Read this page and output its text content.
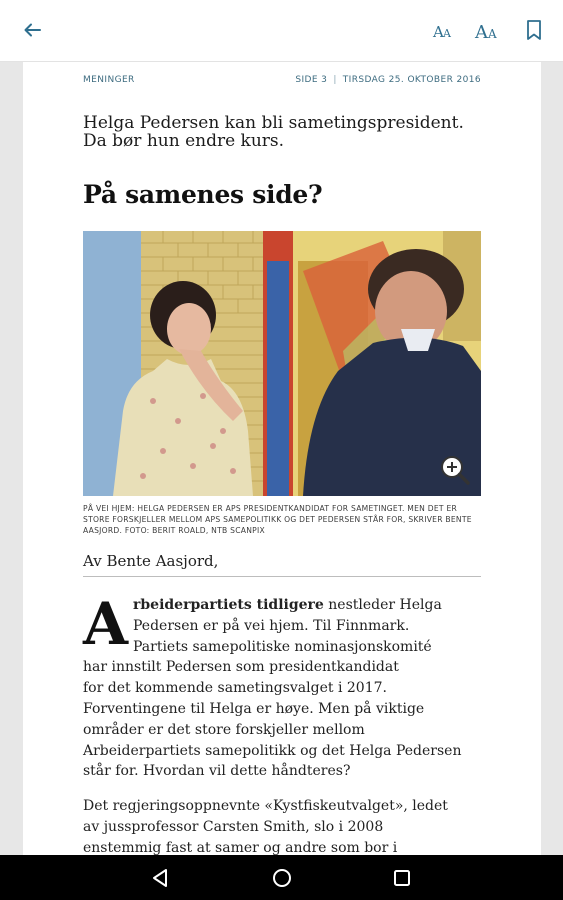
A A A A
MENINGER	SIDE 3 | TIRSDAG 25. OKTOBER 2016

Helga Pedersen kan bli sametingspresident. Da bør hun endre kurs.

På samenes side?

PÅ VEI HJEM: HELGA PEDERSEN ER APS PRESIDENTKANDIDAT FOR SAMETINGET. MEN DET ER STORE FORSKJELLER MELLOM APS SAMEPOLITIKK OG DET PEDERSEN STÅR FOR, SKRIVER BENTE AASJORD. FOTO: BERIT ROALD, NTB SCANPIX

Av Bente Aasjord,
A rbeiderpartiets tidligere nestleder Helga
Pedersen er på vei hjem. Til Finnmark.
Partiets samepolitiske nominasjonskomité
har innstilt Pedersen som presidentkandidat
for det kommende sametingsvalget i 2017.
Forventingene til Helga er høye. Men på viktige
områder er det store forskjeller mellom
Arbeiderpartiets samepolitikk og det Helga Pedersen
står for. Hvordan vil dette håndteres?
Det regjeringsoppnevnte «Kystfiskeutvalget», ledet
av jussprofessor Carsten Smith, slo i 2008
enstemmig fast at samer og andre som bor i
